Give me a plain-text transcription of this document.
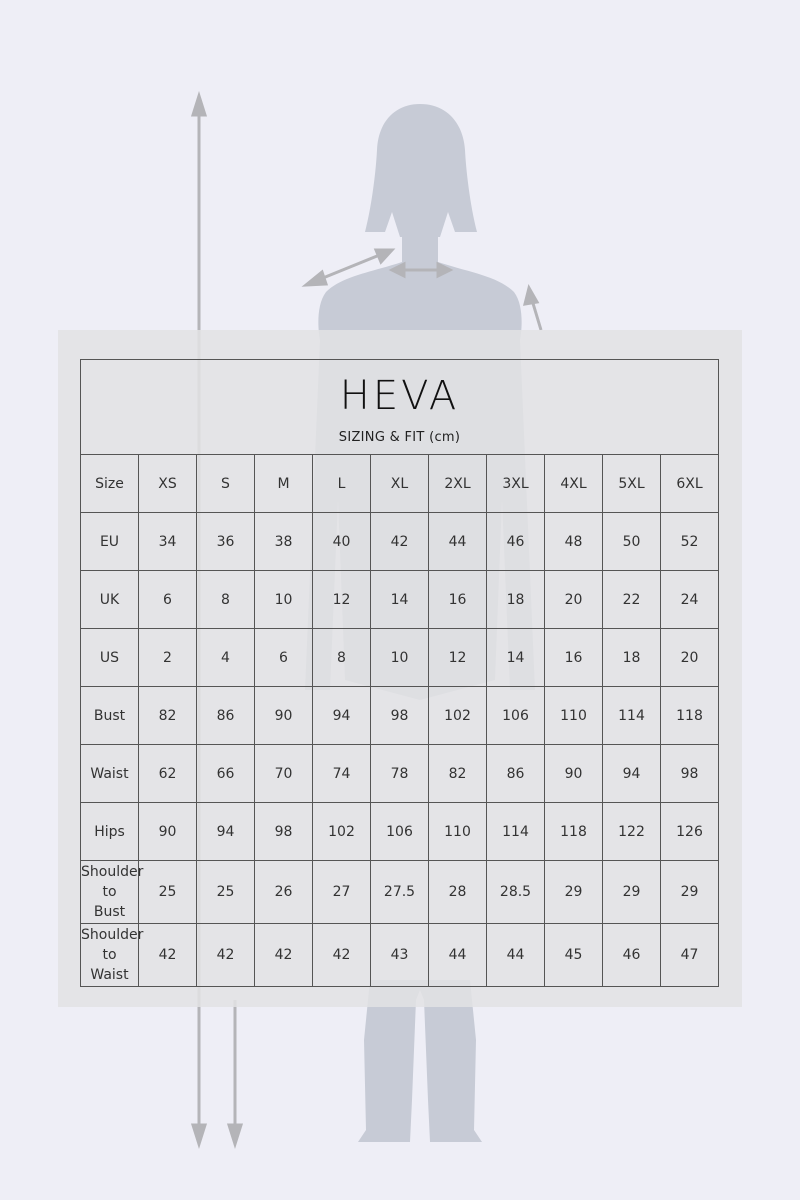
HEVA
SIZING & FIT (cm)										

Size	XS	S	M	L	XL	2XL	3XL	4XL	5XL	6XL
EU	34	36	38	40	42	44	46	48	50	52
UK	6	8	10	12	14	16	18	20	22	24
US	2	4	6	8	10	12	14	16	18	20
Bust	82	86	90	94	98	102	106	110	114	118
Waist	62	66	70	74	78	82	86	90	94	98
Hips	90	94	98	102	106	110	114	118	122	126
Shoulder to
Bust	25	25	26	27	27.5	28	28.5	29	29	29
Shoulder to
Waist	42	42	42	42	43	44	44	45	46	47
